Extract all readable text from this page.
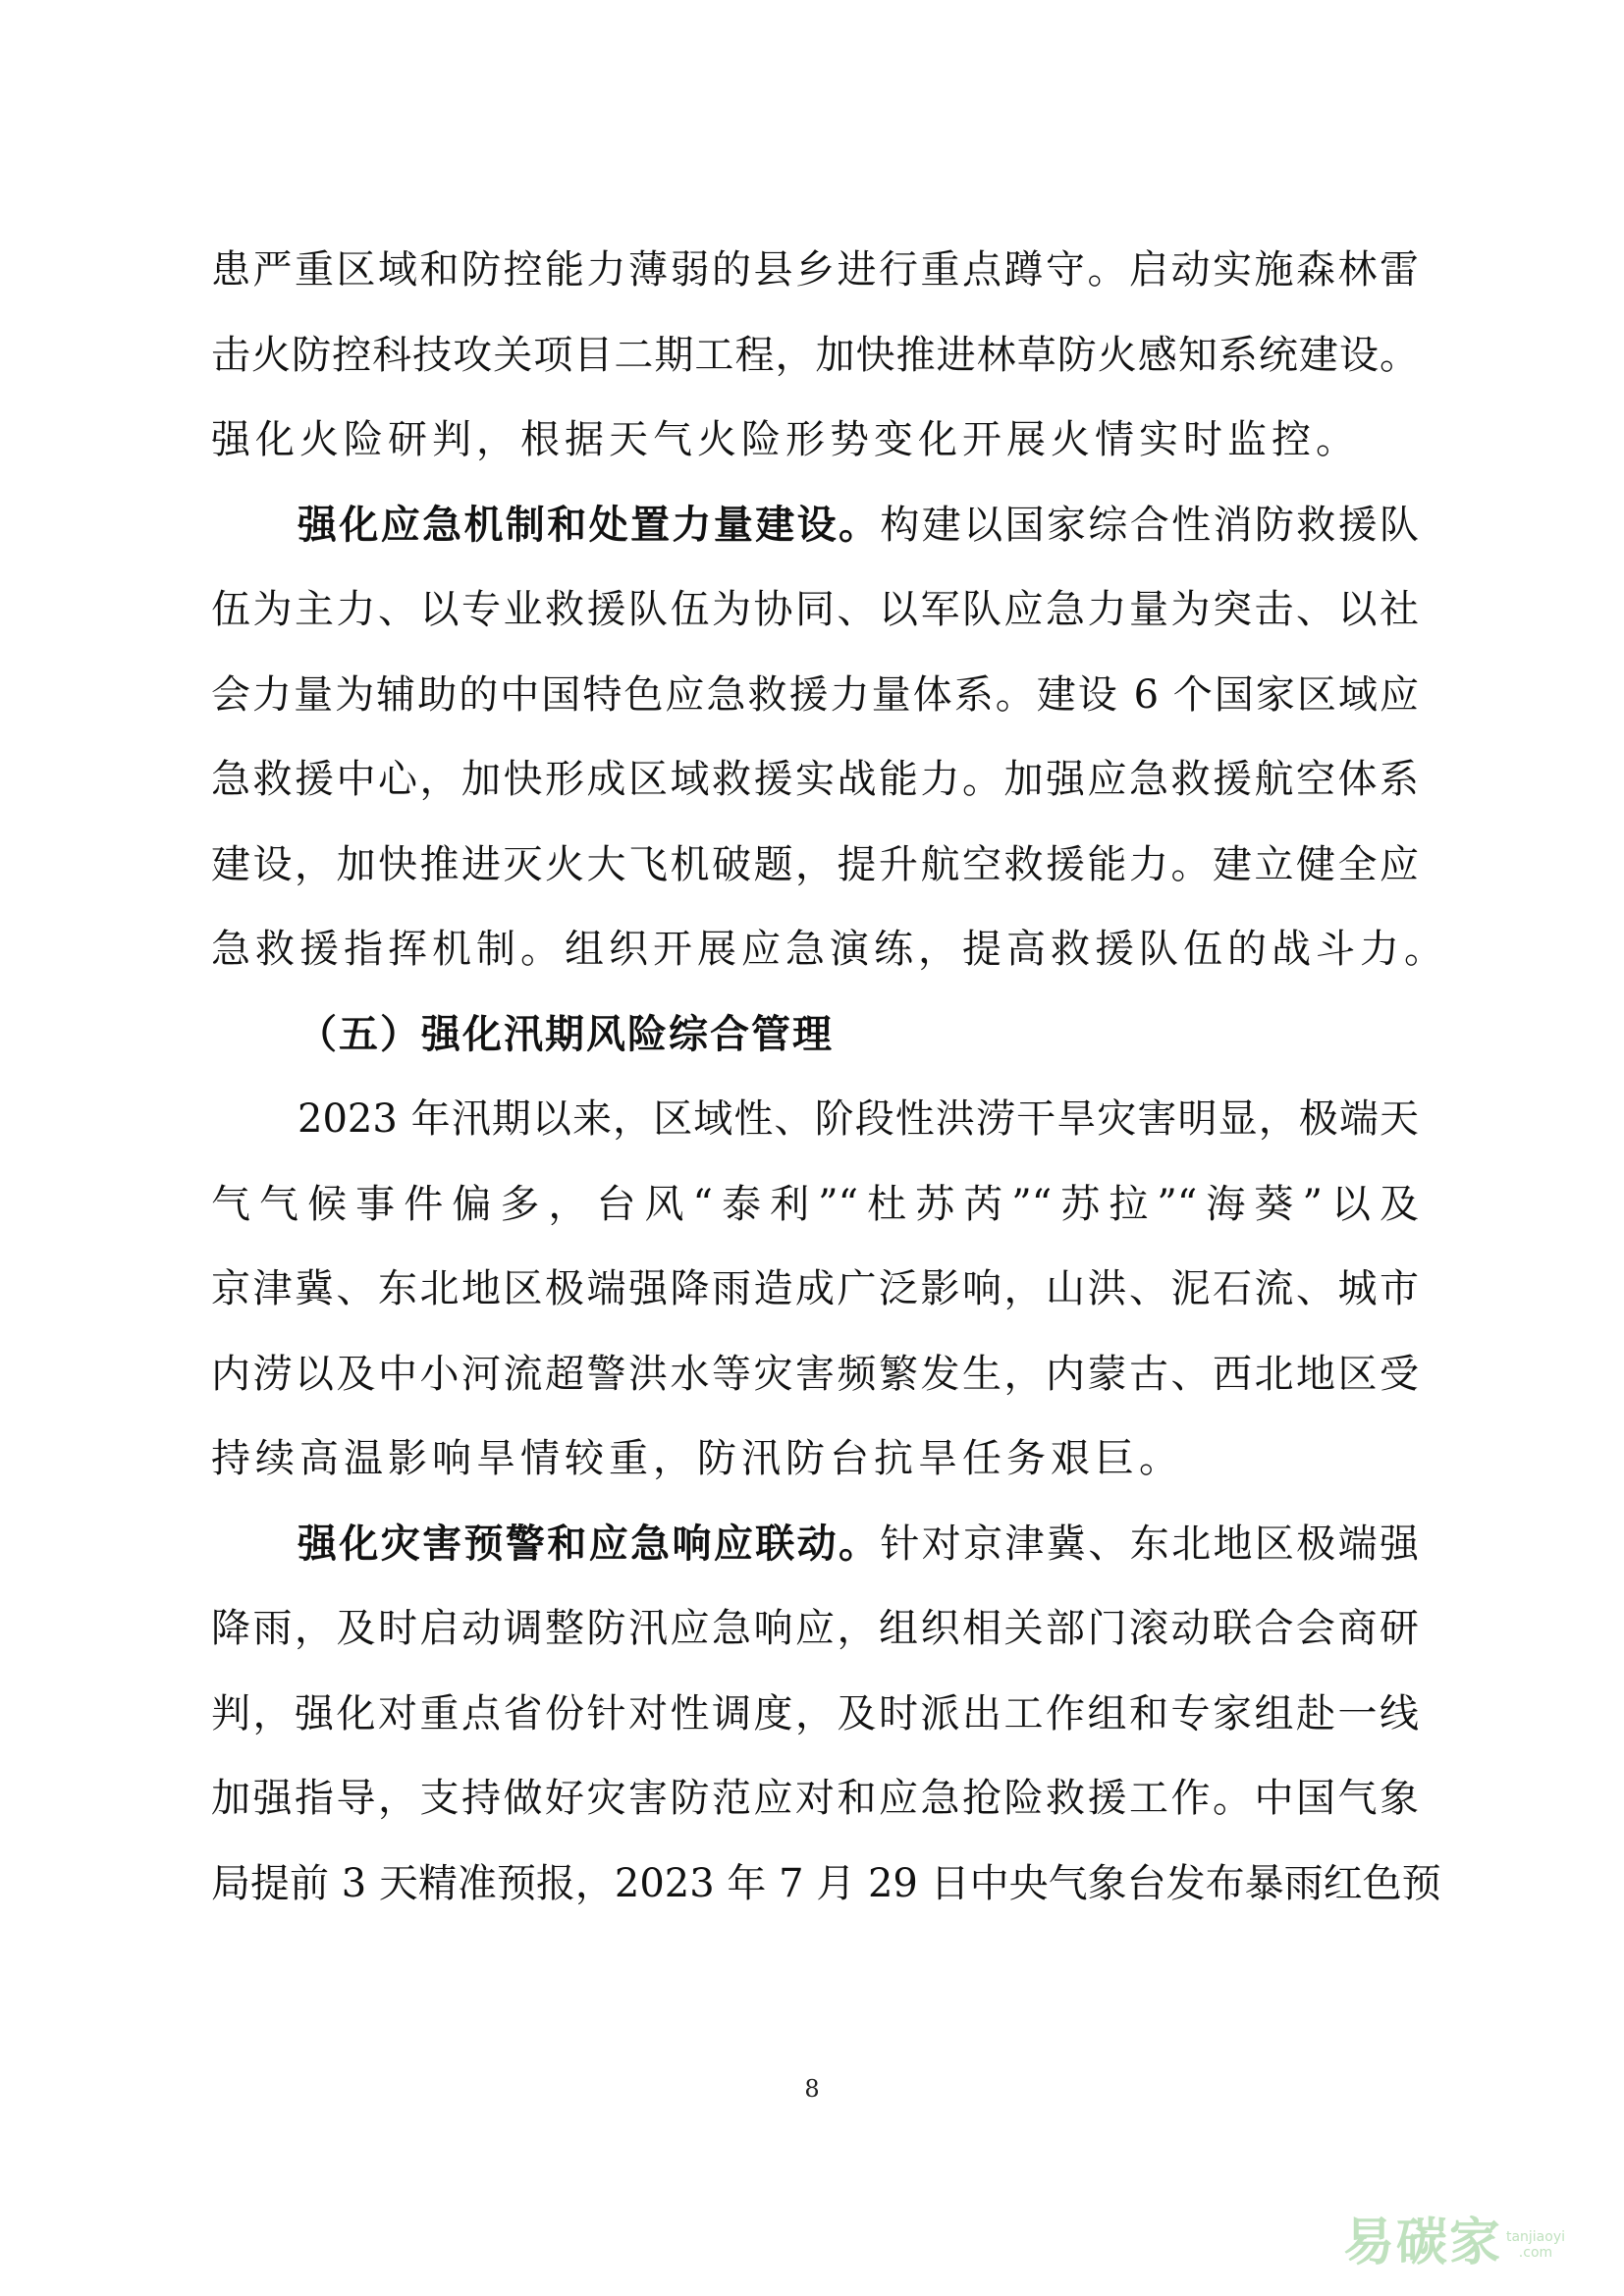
患严重区域和防控能力薄弱的县乡进行重点蹲守。启动实施森林雷
击火防控科技攻关项目二期工程，加快推进林草防火感知系统建设。
强化火险研判，根据天气火险形势变化开展火情实时监控。
强化应急机制和处置力量建设。构建以国家综合性消防救援队
伍为主力、以专业救援队伍为协同、以军队应急力量为突击、以社
会力量为辅助的中国特色应急救援力量体系。建设 6 个国家区域应
急救援中心，加快形成区域救援实战能力。加强应急救援航空体系
建设，加快推进灭火大飞机破题，提升航空救援能力。建立健全应
急救援指挥机制。组织开展应急演练，提高救援队伍的战斗力。
（五）强化汛期风险综合管理
2023 年汛期以来，区域性、阶段性洪涝干旱灾害明显，极端天
气气候事件偏多，台风“泰利”“杜苏芮”“苏拉”“海葵”以及
京津冀、东北地区极端强降雨造成广泛影响，山洪、泥石流、城市
内涝以及中小河流超警洪水等灾害频繁发生，内蒙古、西北地区受
持续高温影响旱情较重，防汛防台抗旱任务艰巨。
强化灾害预警和应急响应联动。针对京津冀、东北地区极端强
降雨，及时启动调整防汛应急响应，组织相关部门滚动联合会商研
判，强化对重点省份针对性调度，及时派出工作组和专家组赴一线
加强指导，支持做好灾害防范应对和应急抢险救援工作。中国气象
局提前 3 天精准预报，2023 年 7 月 29 日中央气象台发布暴雨红色预
8
易碳家 tanjiaoyi
.com
